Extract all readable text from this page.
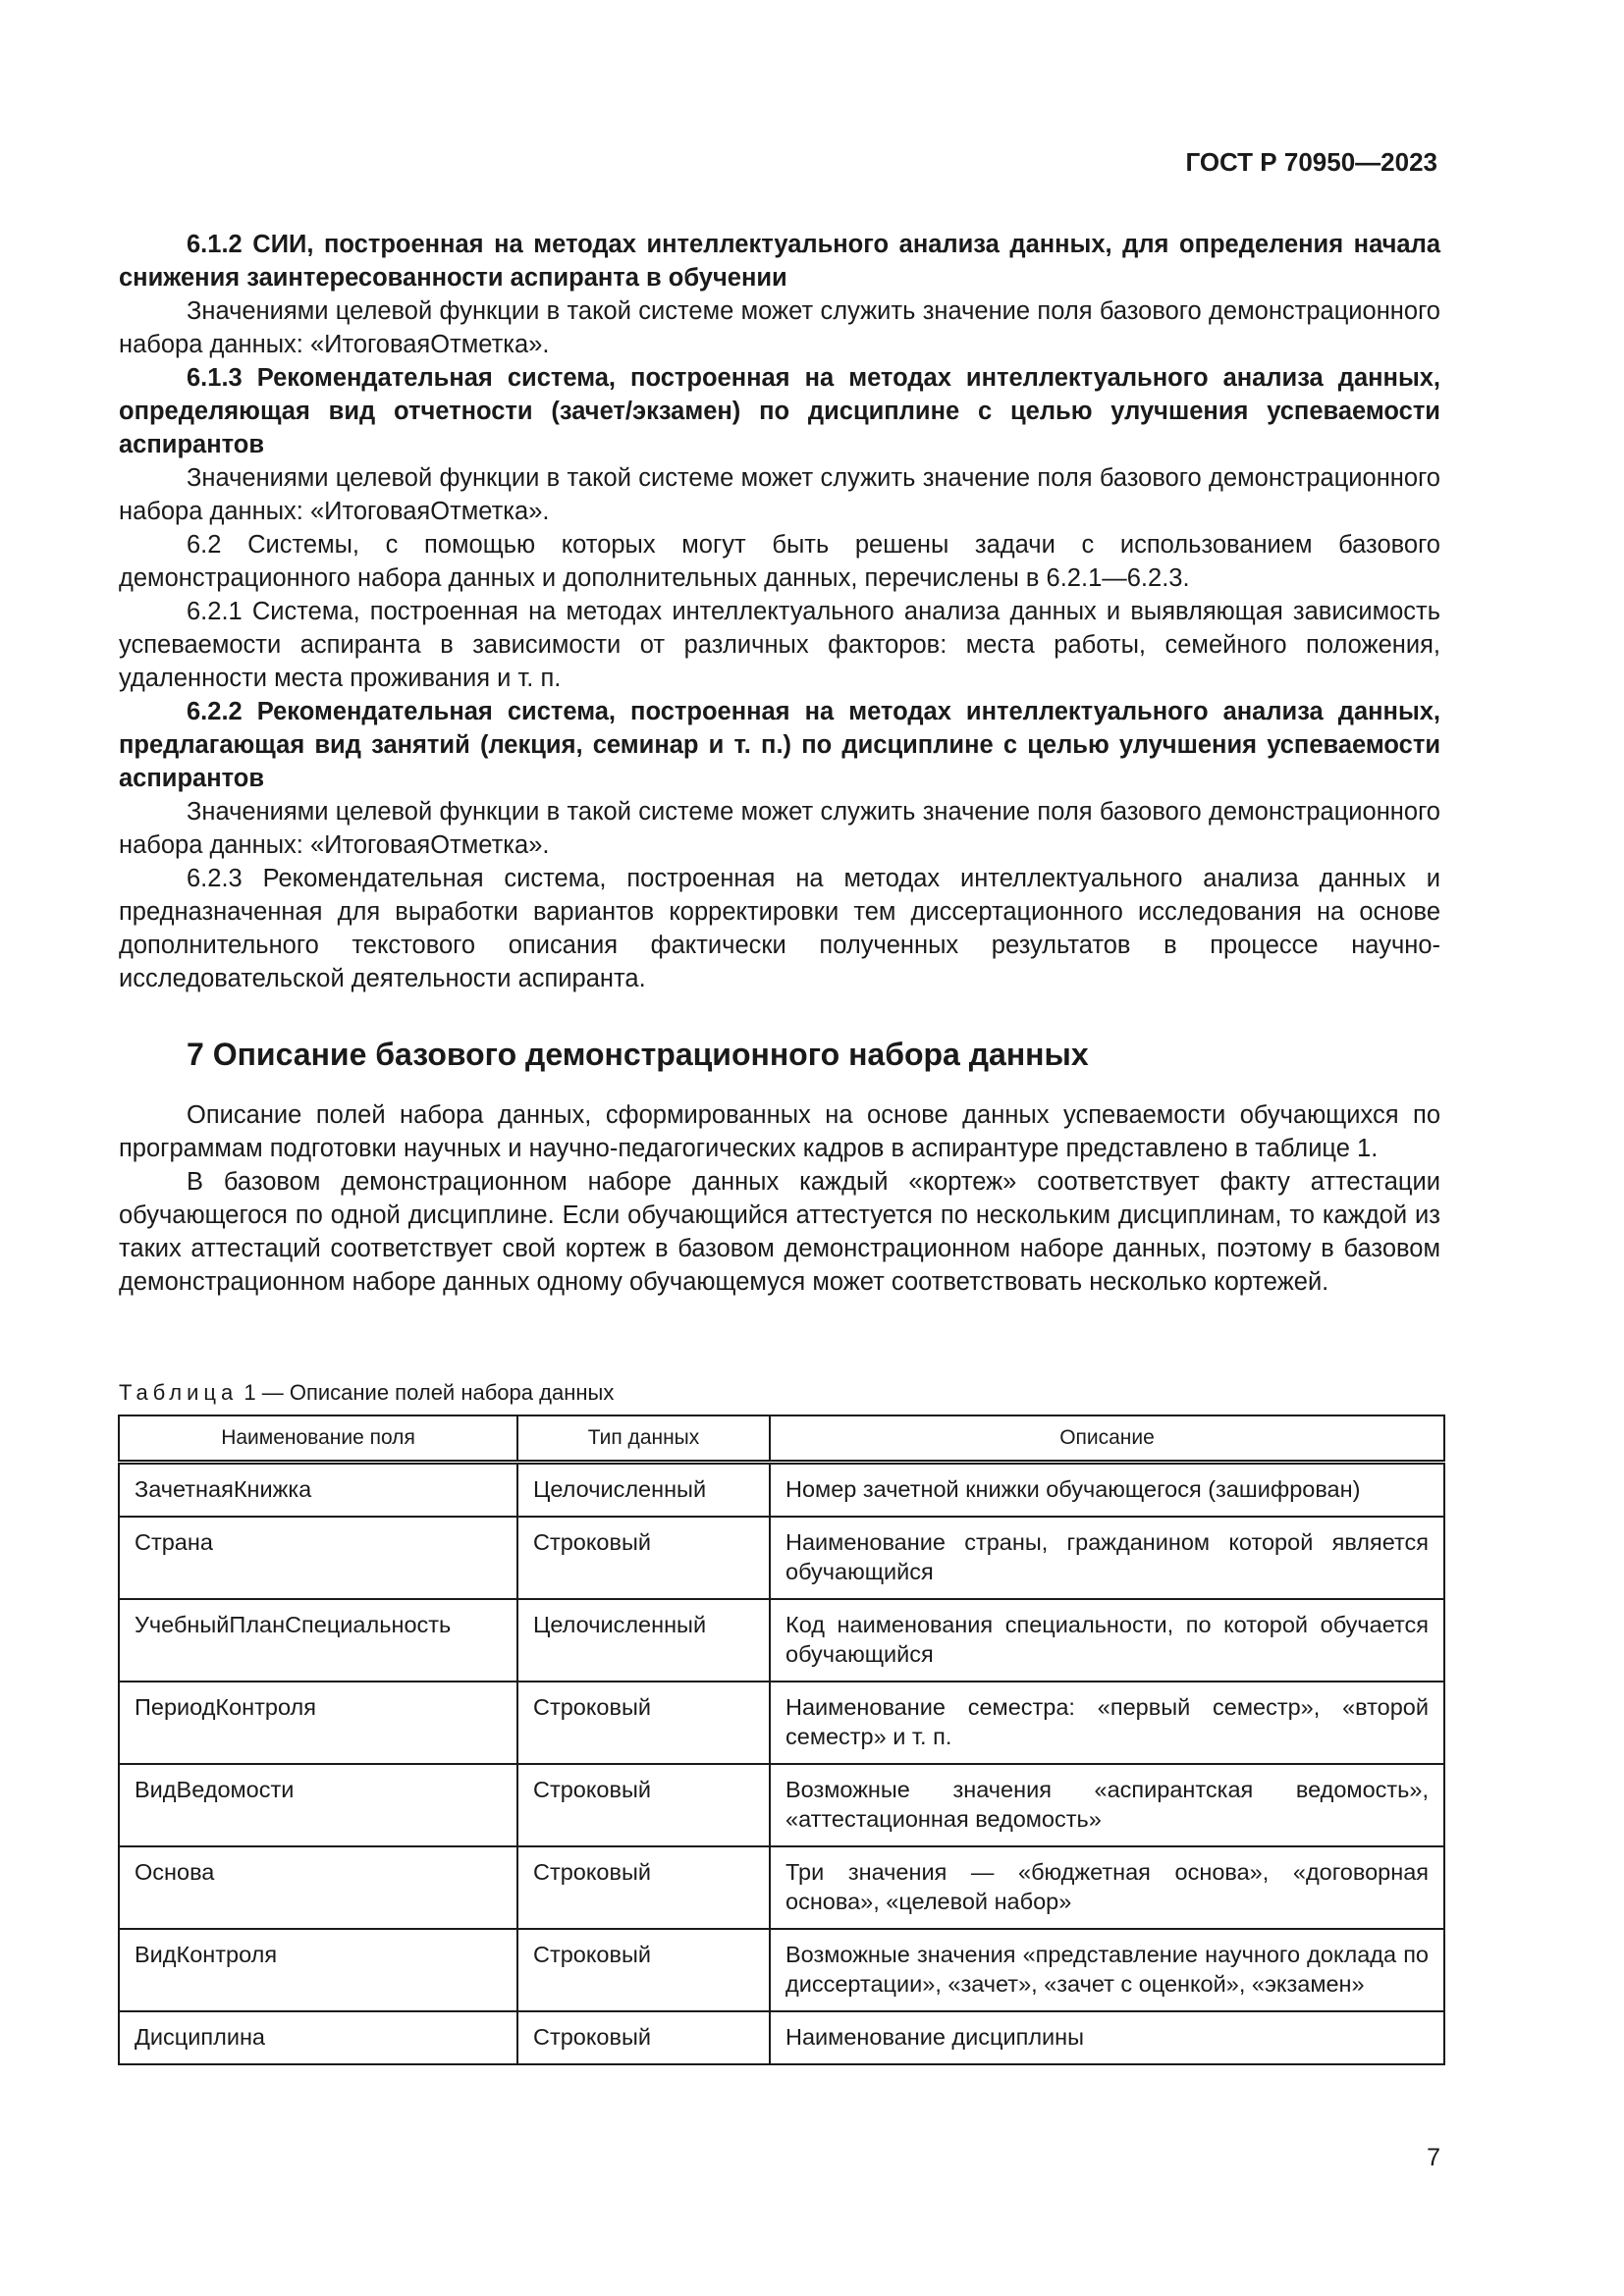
ГОСТ Р 70950—2023

6.1.2 СИИ, построенная на методах интеллектуального анализа данных, для определения начала снижения заинтересованности аспиранта в обучении

Значениями целевой функции в такой системе может служить значение поля базового демонстрационного набора данных: «ИтоговаяОтметка».

6.1.3 Рекомендательная система, построенная на методах интеллектуального анализа данных, определяющая вид отчетности (зачет/экзамен) по дисциплине с целью улучшения успеваемости аспирантов

Значениями целевой функции в такой системе может служить значение поля базового демонстрационного набора данных: «ИтоговаяОтметка».

6.2 Системы, с помощью которых могут быть решены задачи с использованием базового демонстрационного набора данных и дополнительных данных, перечислены в 6.2.1—6.2.3.

6.2.1 Система, построенная на методах интеллектуального анализа данных и выявляющая зависимость успеваемости аспиранта в зависимости от различных факторов: места работы, семейного положения, удаленности места проживания и т. п.

6.2.2 Рекомендательная система, построенная на методах интеллектуального анализа данных, предлагающая вид занятий (лекция, семинар и т. п.) по дисциплине с целью улучшения успеваемости аспирантов

Значениями целевой функции в такой системе может служить значение поля базового демонстрационного набора данных: «ИтоговаяОтметка».

6.2.3 Рекомендательная система, построенная на методах интеллектуального анализа данных и предназначенная для выработки вариантов корректировки тем диссертационного исследования на основе дополнительного текстового описания фактически полученных результатов в процессе научно-исследовательской деятельности аспиранта.

7 Описание базового демонстрационного набора данных

Описание полей набора данных, сформированных на основе данных успеваемости обучающихся по программам подготовки научных и научно-педагогических кадров в аспирантуре представлено в таблице 1.

В базовом демонстрационном наборе данных каждый «кортеж» соответствует факту аттестации обучающегося по одной дисциплине. Если обучающийся аттестуется по нескольким дисциплинам, то каждой из таких аттестаций соответствует свой кортеж в базовом демонстрационном наборе данных, поэтому в базовом демонстрационном наборе данных одному обучающемуся может соответствовать несколько кортежей.

Таблица 1 — Описание полей набора данных
Наименование поля	Тип данных	Описание
ЗачетнаяКнижка	Целочисленный	Номер зачетной книжки обучающегося (зашифрован)
Страна	Строковый	Наименование страны, гражданином которой является обучающийся
УчебныйПланСпециальность	Целочисленный	Код наименования специальности, по которой обучается обучающийся
ПериодКонтроля	Строковый	Наименование семестра: «первый семестр», «второй семестр» и т. п.
ВидВедомости	Строковый	Возможные значения «аспирантская ведомость», «аттестационная ведомость»
Основа	Строковый	Три значения — «бюджетная основа», «договорная основа», «целевой набор»
ВидКонтроля	Строковый	Возможные значения «представление научного доклада по диссертации», «зачет», «зачет с оценкой», «экзамен»
Дисциплина	Строковый	Наименование дисциплины
7
